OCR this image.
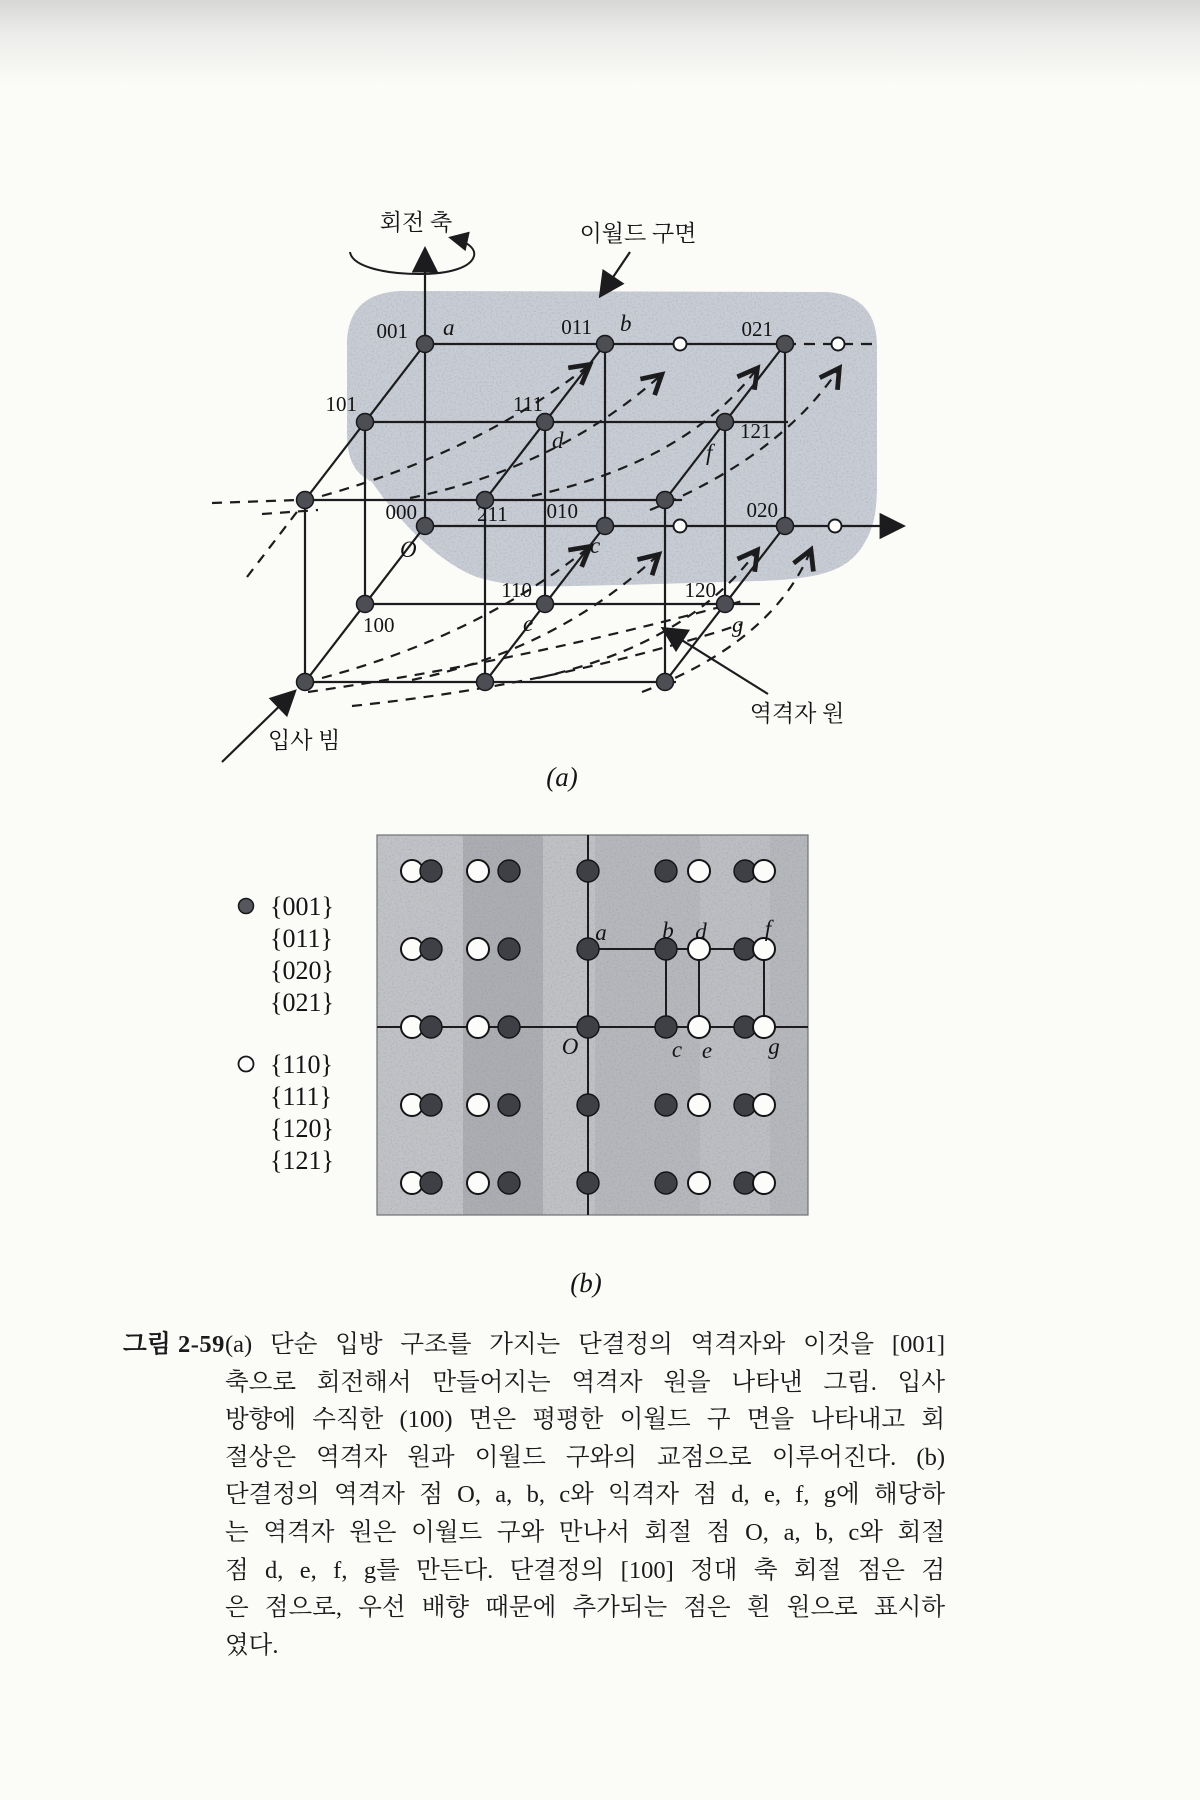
회전 축	이월드 구면
입사 빔
역격자 원
001 a	011 b	021
101	111
d	121
f
000
O
211 010
c
020
110
e
100
120
g
(a)
a b d	f
O	c e g
{001}
{011}
{020}
{021}
{110}
{111}
{120}
{121}
(b)

그림 2-59 (a) 단순 입방 구조를 가지는 단결정의 역격자와 이것을 [001]

축으로 회전해서 만들어지는 역격자 원을 나타낸 그림. 입사

방향에 수직한 (100) 면은 평평한 이월드 구 면을 나타내고 회

절상은 역격자 원과 이월드 구와의 교점으로 이루어진다. (b)

단결정의 역격자 점 O, a, b, c와 익격자 점 d, e, f, g에 해당하

는 역격자 원은 이월드 구와 만나서 회절 점 O, a, b, c와 회절

점 d, e, f, g를 만든다. 단결정의 [100] 정대 축 회절 점은 검

은 점으로, 우선 배향 때문에 추가되는 점은 흰 원으로 표시하

였다.
